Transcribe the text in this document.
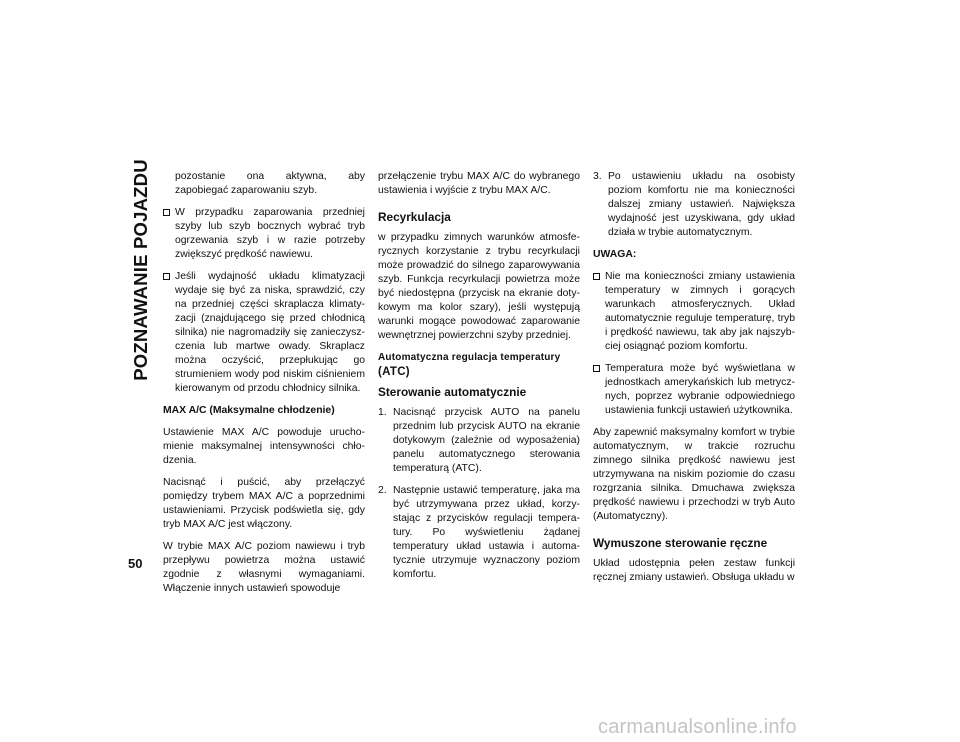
POZNAWANIE POJAZDU
50

pozostanie ona aktywna, aby zapobiegać zaparowaniu szyb.

W przypadku zaparowania przedniej szyby lub szyb bocznych wybrać tryb ogrzewania szyb i w razie potrzeby zwiększyć prędkość nawiewu.

Jeśli wydajność układu klimatyzacji wydaje się być za niska, sprawdzić, czy na przedniej części skraplacza klimatyzacji (znajdującego się przed chłodnicą silnika) nie nagromadziły się zanieczyszczenia lub martwe owady. Skraplacz można oczyścić, przepłukując go strumieniem wody pod niskim ciśnieniem kierowanym od przodu chłodnicy silnika.

MAX A/C (Maksymalne chłodzenie)

Ustawienie MAX A/C powoduje uruchomienie maksymalnej intensywności chłodzenia.

Nacisnąć i puścić, aby przełączyć pomiędzy trybem MAX A/C a poprzednimi ustawieniami. Przycisk podświetla się, gdy tryb MAX A/C jest włączony.

W trybie MAX A/C poziom nawiewu i tryb przepływu powietrza można ustawić zgodnie z własnymi wymaganiami. Włączenie innych ustawień spowoduje

przełączenie trybu MAX A/C do wybranego ustawienia i wyjście z trybu MAX A/C.

Recyrkulacja

w przypadku zimnych warunków atmosferycznych korzystanie z trybu recyrkulacji może prowadzić do silnego zaparowywania szyb. Funkcja recyrkulacji powietrza może być niedostępna (przycisk na ekranie dotykowym ma kolor szary), jeśli występują warunki mogące powodować zaparowanie wewnętrznej powierzchni szyby przedniej.

Automatyczna regulacja temperatury
(ATC)
Sterowanie automatycznie

1. Nacisnąć przycisk AUTO na panelu przednim lub przycisk AUTO na ekranie dotykowym (zależnie od wyposażenia) panelu automatycznego sterowania temperaturą (ATC).

2. Następnie ustawić temperaturę, jaka ma być utrzymywana przez układ, korzystając z przycisków regulacji temperatury. Po wyświetleniu żądanej temperatury układ ustawia i automatycznie utrzymuje wyznaczony poziom komfortu.

3. Po ustawieniu układu na osobisty poziom komfortu nie ma konieczności dalszej zmiany ustawień. Największa wydajność jest uzyskiwana, gdy układ działa w trybie automatycznym.

UWAGA:

Nie ma konieczności zmiany ustawienia temperatury w zimnych i gorących warunkach atmosferycznych. Układ automatycznie reguluje temperaturę, tryb i prędkość nawiewu, tak aby jak najszybciej osiągnąć poziom komfortu.

Temperatura może być wyświetlana w jednostkach amerykańskich lub metrycznych, poprzez wybranie odpowiedniego ustawienia funkcji ustawień użytkownika.

Aby zapewnić maksymalny komfort w trybie automatycznym, w trakcie rozruchu zimnego silnika prędkość nawiewu jest utrzymywana na niskim poziomie do czasu rozgrzania silnika. Dmuchawa zwiększa prędkość nawiewu i przechodzi w tryb Auto (Automatyczny).

Wymuszone sterowanie ręczne

Układ udostępnia pełen zestaw funkcji ręcznej zmiany ustawień. Obsługa układu w

carmanualsonline.info
